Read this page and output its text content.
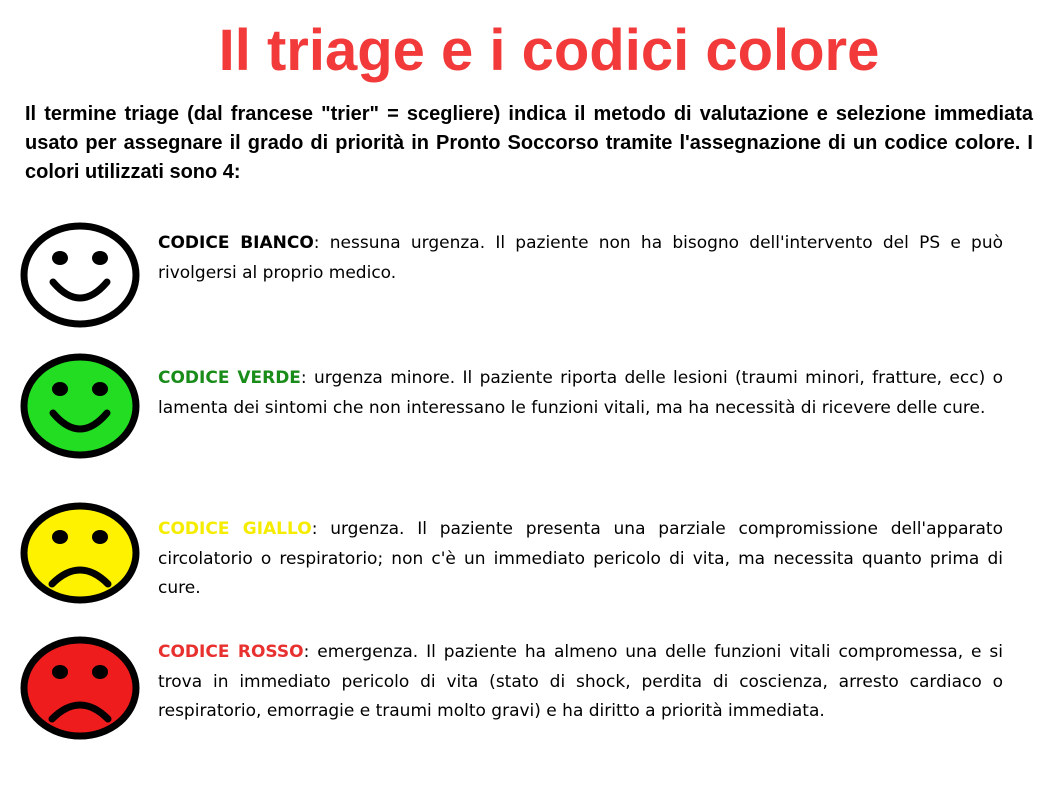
Il triage e i codici colore

Il termine triage (dal francese "trier" = scegliere) indica il metodo di valutazione e selezione immediata usato per assegnare il grado di priorità in Pronto Soccorso tramite l'assegnazione di un codice colore. I colori utilizzati sono 4:

CODICE BIANCO: nessuna urgenza. Il paziente non ha bisogno dell'intervento del PS e può rivolgersi al proprio medico.

CODICE VERDE: urgenza minore. Il paziente riporta delle lesioni (traumi minori, fratture, ecc) o lamenta dei sintomi che non interessano le funzioni vitali, ma ha necessità di ricevere delle cure.

CODICE GIALLO: urgenza. Il paziente presenta una parziale compromissione dell'apparato circolatorio o respiratorio; non c'è un immediato pericolo di vita, ma necessita quanto prima di cure.

CODICE ROSSO: emergenza. Il paziente ha almeno una delle funzioni vitali compromessa, e si trova in immediato pericolo di vita (stato di shock, perdita di coscienza, arresto cardiaco o respiratorio, emorragie e traumi molto gravi) e ha diritto a priorità immediata.
